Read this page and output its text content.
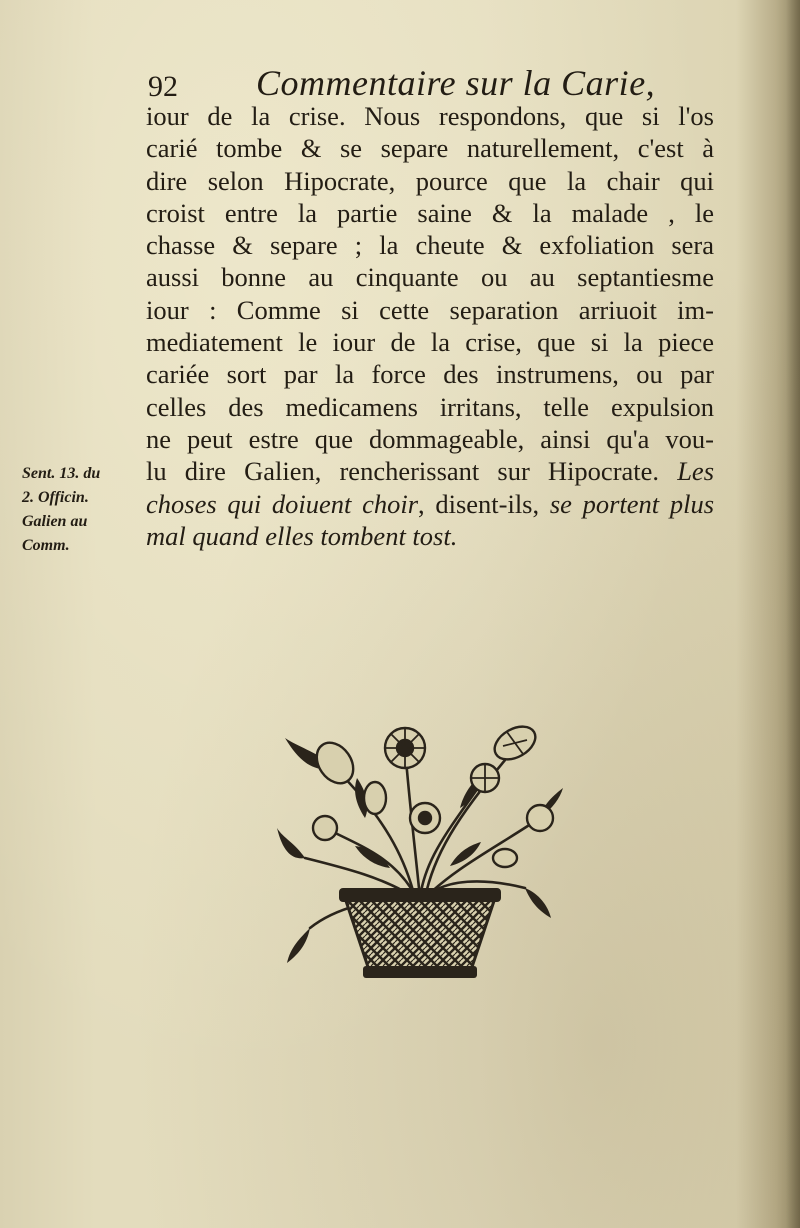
92 Commentaire sur la Carie,
iour de la crise. Nous respondons, que si l'os
carié tombe & se separe naturellement, c'est à
dire selon Hipocrate, pource que la chair qui
croist entre la partie saine & la malade , le
chasse & separe ; la cheute & exfoliation sera
aussi bonne au cinquante ou au septantiesme
iour : Comme si cette separation arriuoit im-
mediatement le iour de la crise, que si la piece
cariée sort par la force des instrumens, ou par
celles des medicamens irritans, telle expulsion
ne peut estre que dommageable, ainsi qu'a vou-
lu dire Galien, rencherissant sur Hipocrate. Les
choses qui doiuent choir, disent-ils, se portent plus
mal quand elles tombent tost.
Sent. 13. du
2. Officin.
Galien au
Comm.
